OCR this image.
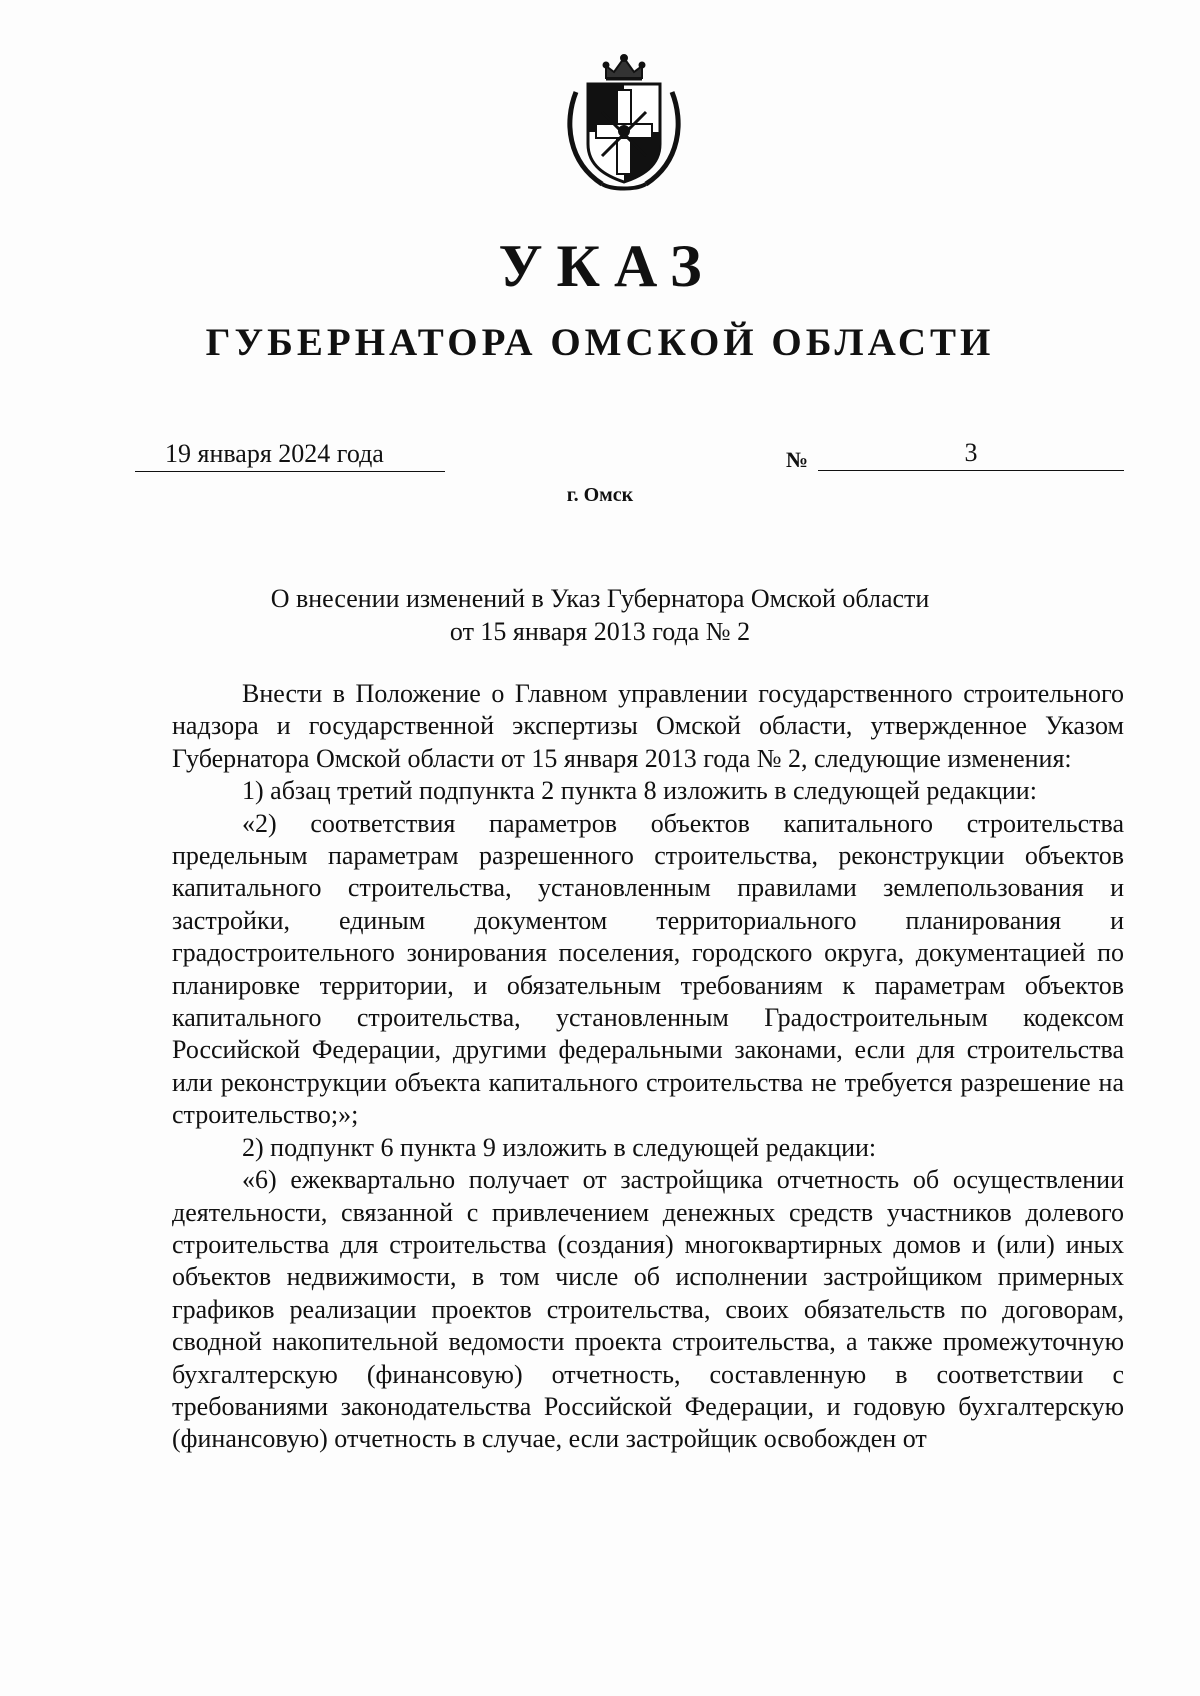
УКАЗ
ГУБЕРНАТОРА ОМСКОЙ ОБЛАСТИ
19 января 2024 года	№	3
г. Омск
О внесении изменений в Указ Губернатора Омской области
от 15 января 2013 года № 2

Внести в Положение о Главном управлении государственного строительного надзора и государственной экспертизы Омской области, утвержденное Указом Губернатора Омской области от 15 января 2013 года № 2, следующие изменения:

1) абзац третий подпункта 2 пункта 8 изложить в следующей редакции:

«2) соответствия параметров объектов капитального строительства предельным параметрам разрешенного строительства, реконструкции объектов капитального строительства, установленным правилами землепользования и застройки, единым документом территориального планирования и градостроительного зонирования поселения, городского округа, документацией по планировке территории, и обязательным требованиям к параметрам объектов капитального строительства, установленным Градостроительным кодексом Российской Федерации, другими федеральными законами, если для строительства или реконструкции объекта капитального строительства не требуется разрешение на строительство;»;

2) подпункт 6 пункта 9 изложить в следующей редакции:

«6) ежеквартально получает от застройщика отчетность об осуществлении деятельности, связанной с привлечением денежных средств участников долевого строительства для строительства (создания) многоквартирных домов и (или) иных объектов недвижимости, в том числе об исполнении застройщиком примерных графиков реализации проектов строительства, своих обязательств по договорам, сводной накопительной ведомости проекта строительства, а также промежуточную бухгалтерскую (финансовую) отчетность, составленную в соответствии с требованиями законодательства Российской Федерации, и годовую бухгалтерскую (финансовую) отчетность в случае, если застройщик освобожден от
